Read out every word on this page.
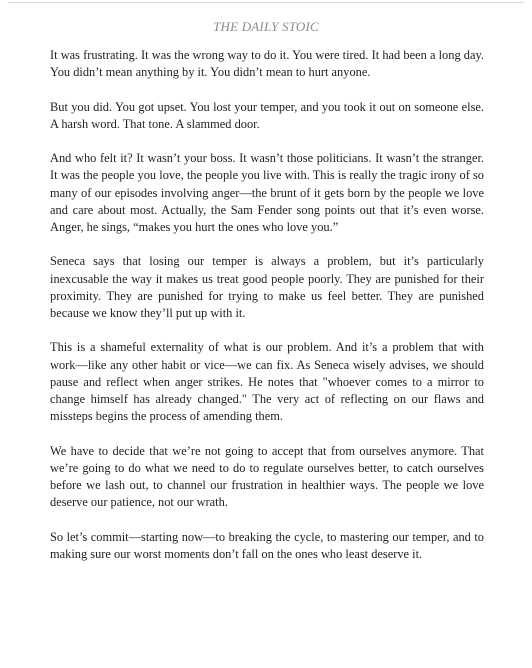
THE DAILY STOIC

It was frustrating. It was the wrong way to do it. You were tired. It had been a long day. You didn’t mean anything by it. You didn’t mean to hurt anyone.

But you did. You got upset. You lost your temper, and you took it out on someone else. A harsh word. That tone. A slammed door.

And who felt it? It wasn’t your boss. It wasn’t those politicians. It wasn’t the stranger. It was the people you love, the people you live with. This is really the tragic irony of so many of our episodes involving anger—the brunt of it gets born by the people we love and care about most. Actually, the Sam Fender song points out that it’s even worse. Anger, he sings, “makes you hurt the ones who love you.”

Seneca says that losing our temper is always a problem, but it’s particularly inexcusable the way it makes us treat good people poorly. They are punished for their proximity. They are punished for trying to make us feel better. They are punished because we know they’ll put up with it.

This is a shameful externality of what is our problem. And it’s a problem that with work—like any other habit or vice—we can fix. As Seneca wisely advises, we should pause and reflect when anger strikes. He notes that "whoever comes to a mirror to change himself has already changed." The very act of reflecting on our flaws and missteps begins the process of amending them.

We have to decide that we’re not going to accept that from ourselves anymore. That we’re going to do what we need to do to regulate ourselves better, to catch ourselves before we lash out, to channel our frustration in healthier ways. The people we love deserve our patience, not our wrath.

So let’s commit—starting now—to breaking the cycle, to mastering our temper, and to making sure our worst moments don’t fall on the ones who least deserve it.
